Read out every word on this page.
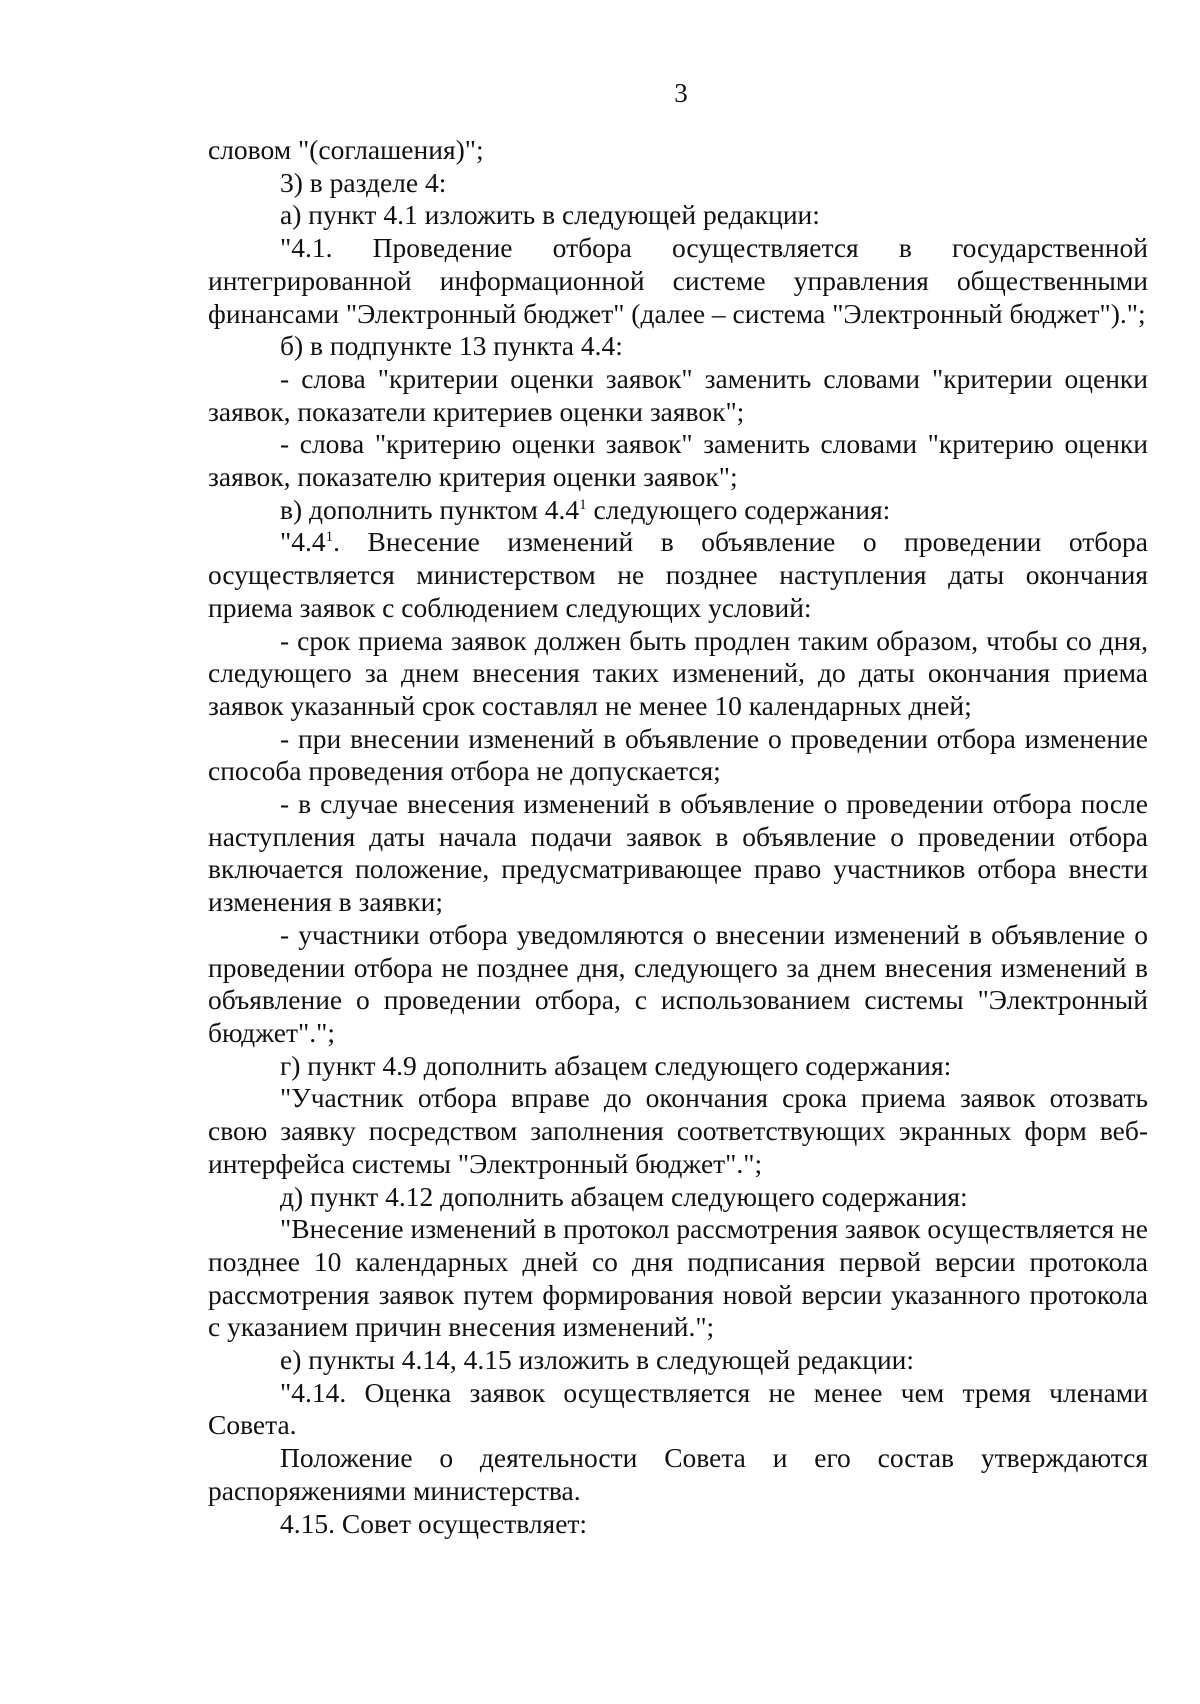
3

словом "(соглашения)";

3) в разделе 4:

а) пункт 4.1 изложить в следующей редакции:

"4.1. Проведение отбора осуществляется в государственной интегрированной информационной системе управления общественными финансами "Электронный бюджет" (далее – система "Электронный бюджет").";

б) в подпункте 13 пункта 4.4:

- слова "критерии оценки заявок" заменить словами "критерии оценки заявок, показатели критериев оценки заявок";

- слова "критерию оценки заявок" заменить словами "критерию оценки заявок, показателю критерия оценки заявок";

в) дополнить пунктом $4.4^1$ следующего содержания:

"$4.4^1$. Внесение изменений в объявление о проведении отбора осуществляется министерством не позднее наступления даты окончания приема заявок с соблюдением следующих условий:

- срок приема заявок должен быть продлен таким образом, чтобы со дня, следующего за днем внесения таких изменений, до даты окончания приема заявок указанный срок составлял не менее 10 календарных дней;

- при внесении изменений в объявление о проведении отбора изменение способа проведения отбора не допускается;

- в случае внесения изменений в объявление о проведении отбора после наступления даты начала подачи заявок в объявление о проведении отбора включается положение, предусматривающее право участников отбора внести изменения в заявки;

- участники отбора уведомляются о внесении изменений в объявление о проведении отбора не позднее дня, следующего за днем внесения изменений в объявление о проведении отбора, с использованием системы "Электронный бюджет".";

г) пункт 4.9 дополнить абзацем следующего содержания:

"Участник отбора вправе до окончания срока приема заявок отозвать свою заявку посредством заполнения соответствующих экранных форм веб-интерфейса системы "Электронный бюджет".";

д) пункт 4.12 дополнить абзацем следующего содержания:

"Внесение изменений в протокол рассмотрения заявок осуществляется не позднее 10 календарных дней со дня подписания первой версии протокола рассмотрения заявок путем формирования новой версии указанного протокола с указанием причин внесения изменений.";

е) пункты 4.14, 4.15 изложить в следующей редакции:

"4.14. Оценка заявок осуществляется не менее чем тремя членами Совета.

Положение о деятельности Совета и его состав утверждаются распоряжениями министерства.

4.15. Совет осуществляет:
